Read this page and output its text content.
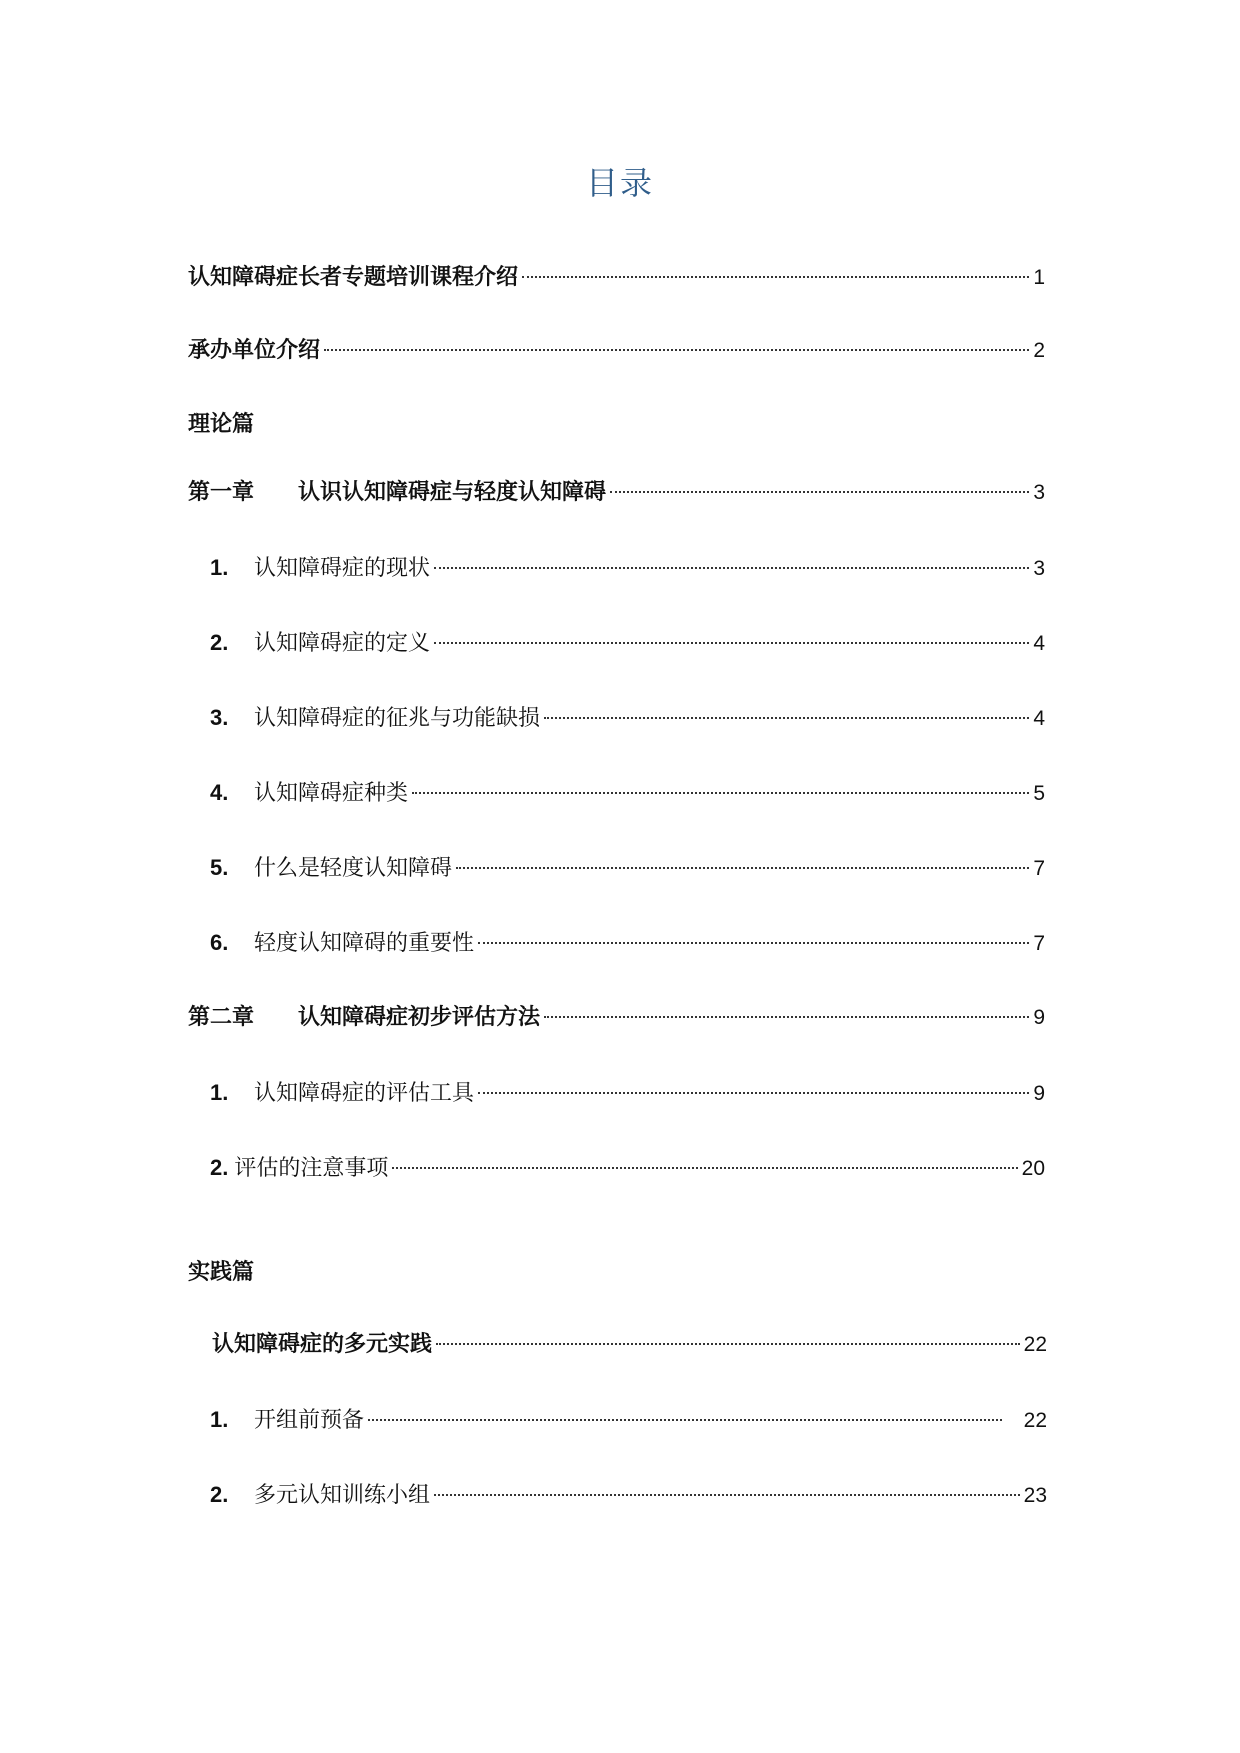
目录
认知障碍症长者专题培训课程介绍	1
承办单位介绍	2
理论篇
第一章	认识认知障碍症与轻度认知障碍	3
1.	认知障碍症的现状	3
2.	认知障碍症的定义	4
3.	认知障碍症的征兆与功能缺损	4
4.	认知障碍症种类	5
5.	什么是轻度认知障碍	7
6.	轻度认知障碍的重要性	7
第二章	认知障碍症初步评估方法	9
1.	认知障碍症的评估工具	9
2. 评估的注意事项	20
实践篇
认知障碍症的多元实践	22
1.	开组前预备	22
2.	多元认知训练小组	23
